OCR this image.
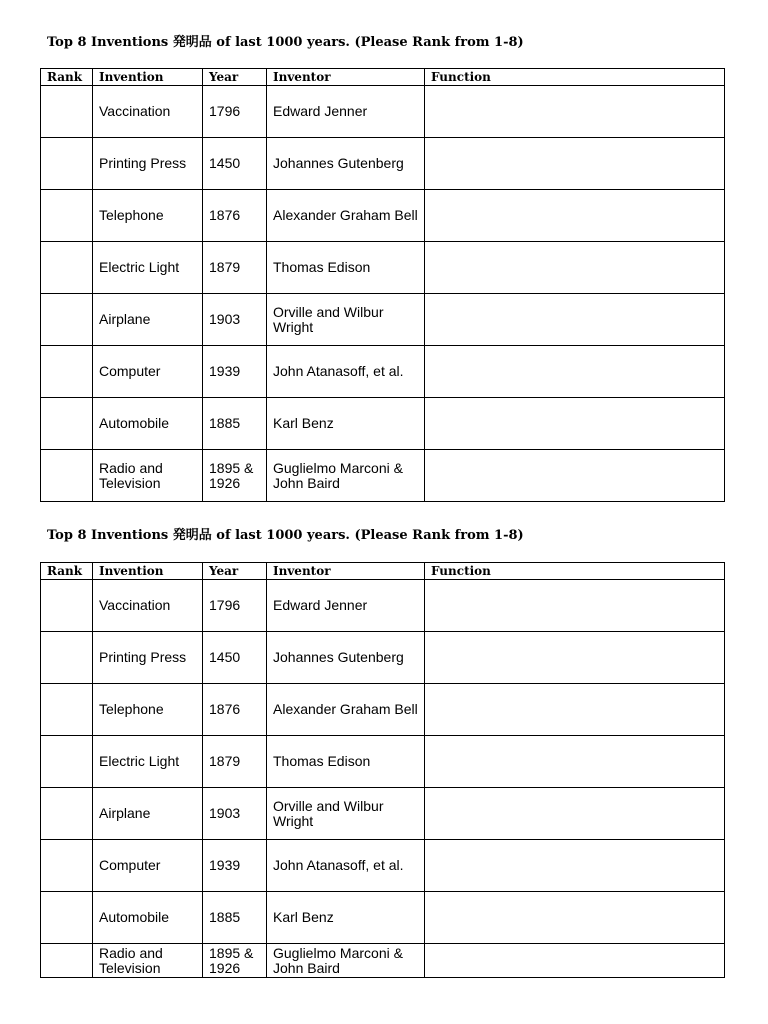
Top 8 Inventions 発明品 of last 1000 years. (Please Rank from 1-8)
Rank	Invention	Year	Inventor	Function
	Vaccination	1796	Edward Jenner	
	Printing Press	1450	Johannes Gutenberg	
	Telephone	1876	Alexander Graham Bell	
	Electric Light	1879	Thomas Edison	
	Airplane	1903	Orville and Wilbur Wright	
	Computer	1939	John Atanasoff, et al.	
	Automobile	1885	Karl Benz	
	Radio and Television	1895 & 1926	Guglielmo Marconi & John Baird	
Top 8 Inventions 発明品 of last 1000 years. (Please Rank from 1-8)
Rank	Invention	Year	Inventor	Function
	Vaccination	1796	Edward Jenner	
	Printing Press	1450	Johannes Gutenberg	
	Telephone	1876	Alexander Graham Bell	
	Electric Light	1879	Thomas Edison	
	Airplane	1903	Orville and Wilbur Wright	
	Computer	1939	John Atanasoff, et al.	
	Automobile	1885	Karl Benz	
	Radio and Television	1895 & 1926	Guglielmo Marconi & John Baird	
